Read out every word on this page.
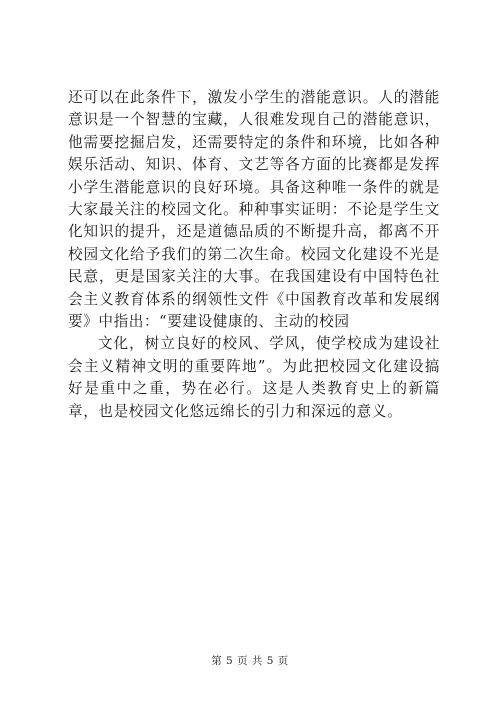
还可以在此条件下，激发小学生的潜能意识。人的潜能意识是一个智慧的宝藏，人很难发现自己的潜能意识，他需要挖掘启发，还需要特定的条件和环境，比如各种娱乐活动、知识、体育、文艺等各方面的比赛都是发挥小学生潜能意识的良好环境。具备这种唯一条件的就是大家最关注的校园文化。种种事实证明：不论是学生文化知识的提升，还是道德品质的不断提升高，都离不开校园文化给予我们的第二次生命。校园文化建设不光是民意，更是国家关注的大事。在我国建设有中国特色社会主义教育体系的纲领性文件《中国教育改革和发展纲要》中指出：“要建设健康的、主动的校园

文化，树立良好的校风、学风，使学校成为建设社会主义精神文明的重要阵地”。为此把校园文化建设搞好是重中之重，势在必行。这是人类教育史上的新篇章，也是校园文化悠远绵长的引力和深远的意义。

第 5 页 共 5 页
